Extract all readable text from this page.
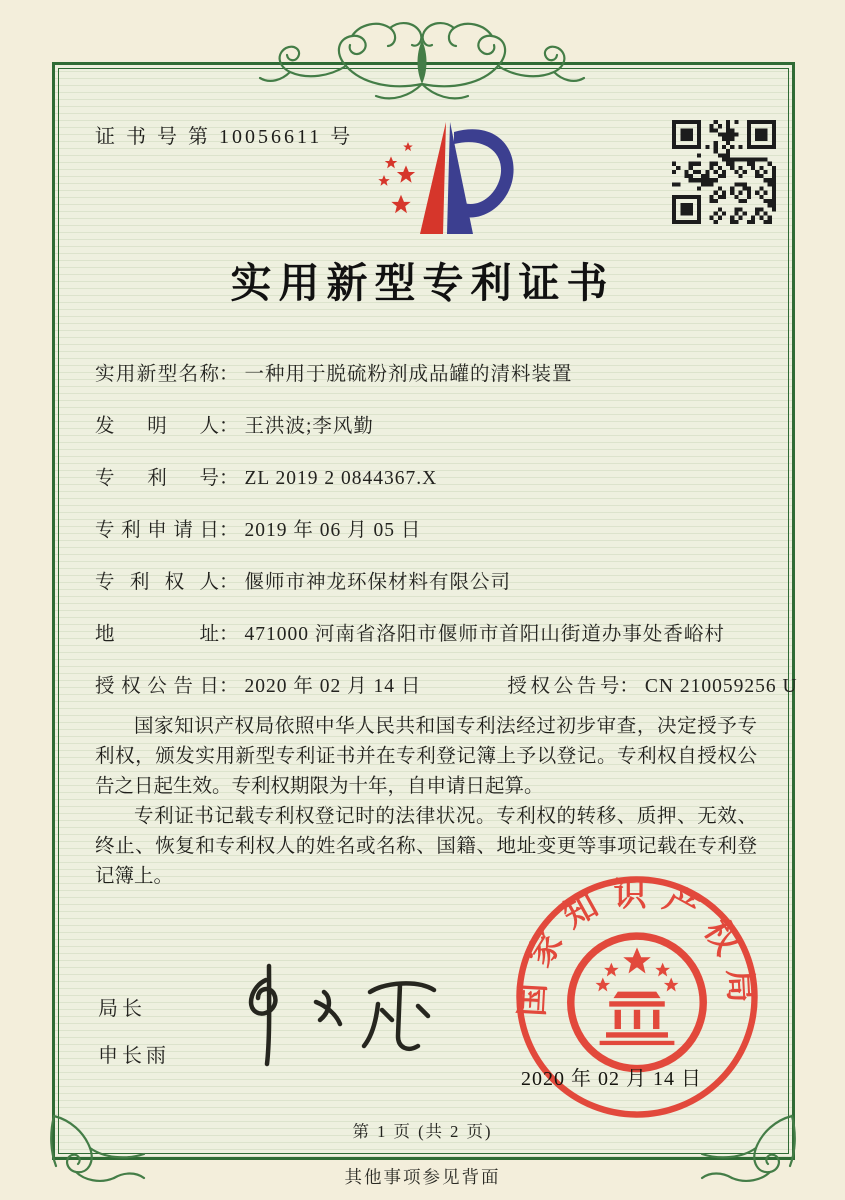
证 书 号 第 10056611 号
实用新型专利证书
实用新型名称： 一种用于脱硫粉剂成品罐的清料装置
发明人： 王洪波;李风勤
专利号： ZL 2019 2 0844367.X
专利申请日： 2019 年 06 月 05 日
专利权人： 偃师市神龙环保材料有限公司
地址： 471000 河南省洛阳市偃师市首阳山街道办事处香峪村
授权公告日： 2020 年 02 月 14 日	授权公告号： CN 210059256 U

国家知识产权局依照中华人民共和国专利法经过初步审查，决定授予专利权，颁发实用新型专利证书并在专利登记簿上予以登记。专利权自授权公告之日起生效。专利权期限为十年，自申请日起算。

专利证书记载专利权登记时的法律状况。专利权的转移、质押、无效、终止、恢复和专利权人的姓名或名称、国籍、地址变更等事项记载在专利登记簿上。

局长
申长雨
国家知识产权局
2020 年 02 月 14 日
第 1 页 (共 2 页)
其他事项参见背面
